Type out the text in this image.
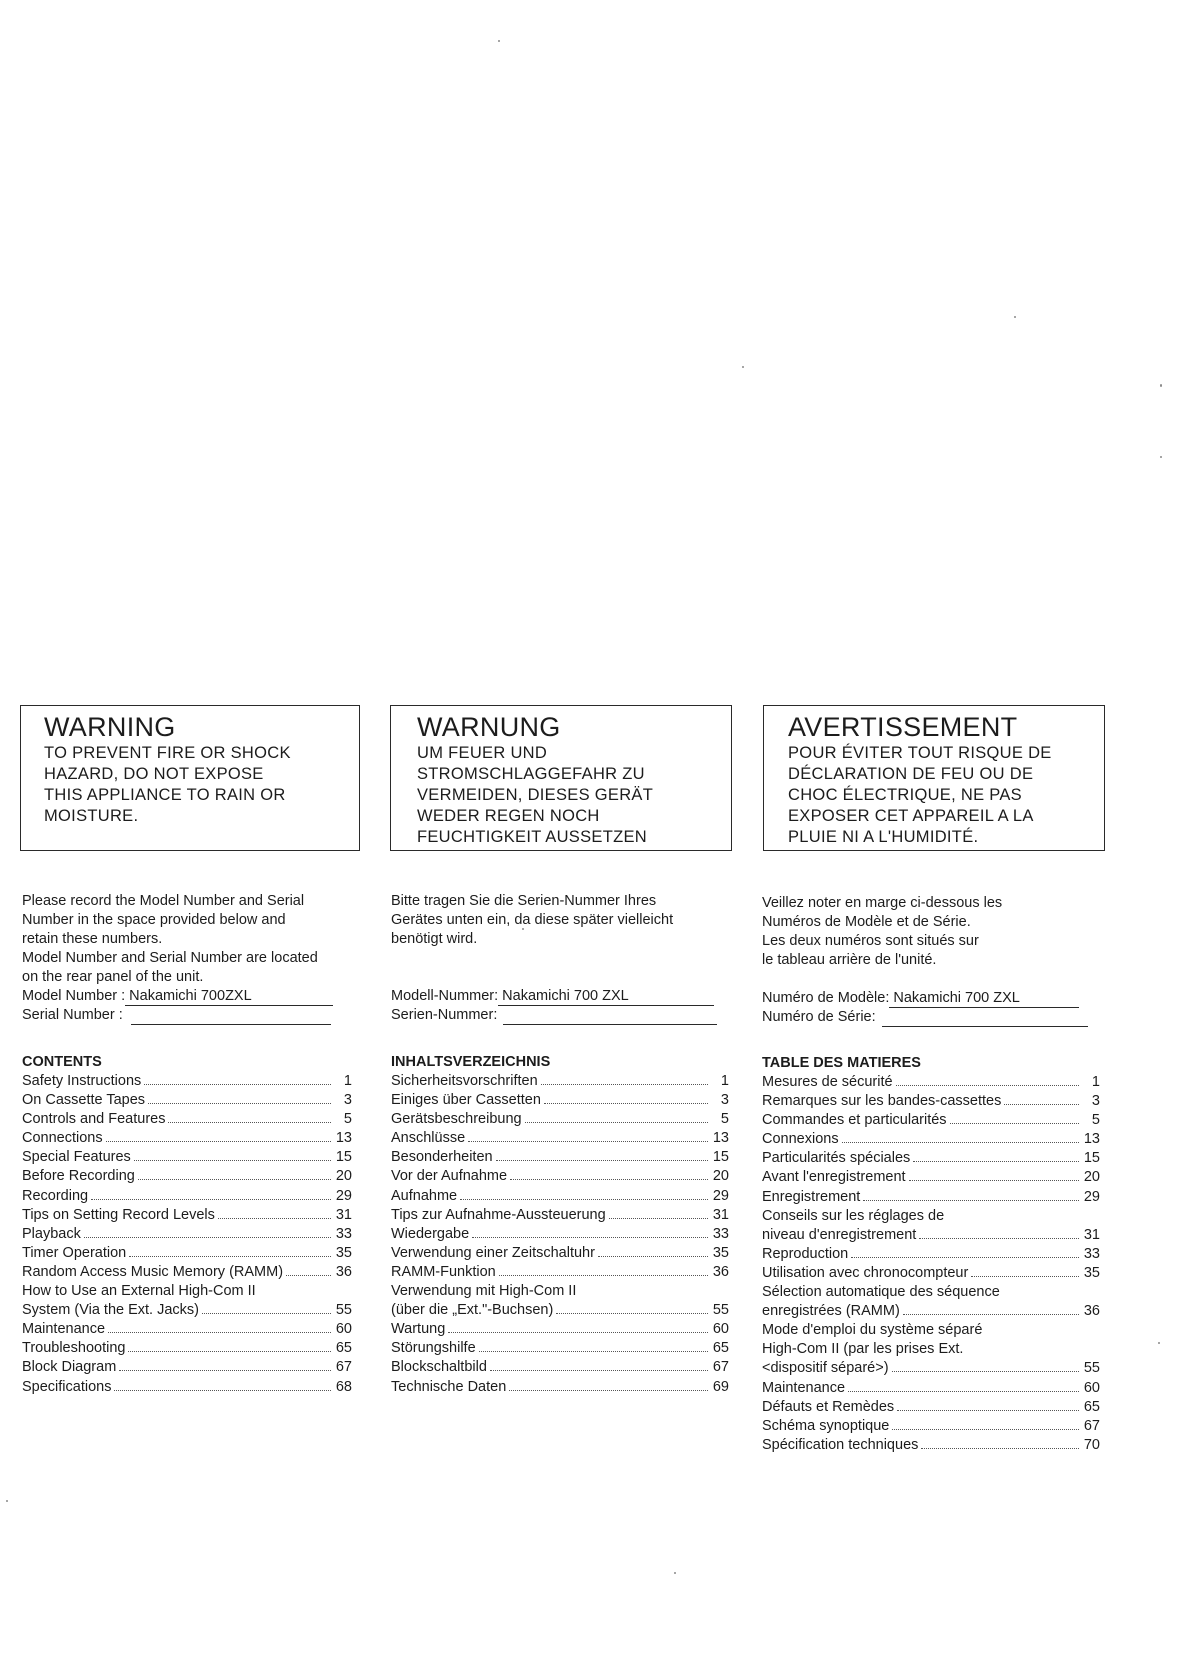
WARNING
TO PREVENT FIRE OR SHOCK
HAZARD, DO NOT EXPOSE
THIS APPLIANCE TO RAIN OR
MOISTURE.
WARNUNG
UM FEUER UND
STROMSCHLAGGEFAHR ZU
VERMEIDEN, DIESES GERÄT
WEDER REGEN NOCH
FEUCHTIGKEIT AUSSETZEN
AVERTISSEMENT
POUR ÉVITER TOUT RISQUE DE
DÉCLARATION DE FEU OU DE
CHOC ÉLECTRIQUE, NE PAS
EXPOSER CET APPAREIL A LA
PLUIE NI A L'HUMIDITÉ.
Please record the Model Number and Serial
Number in the space provided below and
retain these numbers.
Model Number and Serial Number are located
on the rear panel of the unit.
Model Number : Nakamichi 700ZXL
Serial Number :
Bitte tragen Sie die Serien-Nummer Ihres
Gerätes unten ein, da diese später vielleicht
benötigt wird.

Modell-Nummer: Nakamichi 700 ZXL
Serien-Nummer:
Veillez noter en marge ci-dessous les
Numéros de Modèle et de Série.
Les deux numéros sont situés sur
le tableau arrière de l'unité.

Numéro de Modèle: Nakamichi 700 ZXL
Numéro de Série:
CONTENTS
Safety Instructions	1
On Cassette Tapes	3
Controls and Features	5
Connections	13
Special Features	15
Before Recording	20
Recording	29
Tips on Setting Record Levels	31
Playback	33
Timer Operation	35
Random Access Music Memory (RAMM)	36
How to Use an External High-Com II
System (Via the Ext. Jacks)	55
Maintenance	60
Troubleshooting	65
Block Diagram	67
Specifications	68
INHALTSVERZEICHNIS
Sicherheitsvorschriften	1
Einiges über Cassetten	3
Gerätsbeschreibung	5
Anschlüsse	13
Besonderheiten	15
Vor der Aufnahme	20
Aufnahme	29
Tips zur Aufnahme-Aussteuerung	31
Wiedergabe	33
Verwendung einer Zeitschaltuhr	35
RAMM-Funktion	36
Verwendung mit High-Com II
(über die „Ext."-Buchsen)	55
Wartung	60
Störungshilfe	65
Blockschaltbild	67
Technische Daten	69
TABLE DES MATIERES
Mesures de sécurité	1
Remarques sur les bandes-cassettes	3
Commandes et particularités	5
Connexions	13
Particularités spéciales	15
Avant l'enregistrement	20
Enregistrement	29
Conseils sur les réglages de
niveau d'enregistrement	31
Reproduction	33
Utilisation avec chronocompteur	35
Sélection automatique des séquence
enregistrées (RAMM)	36
Mode d'emploi du système séparé
High-Com II (par les prises Ext.
<dispositif séparé>)	55
Maintenance	60
Défauts et Remèdes	65
Schéma synoptique	67
Spécification techniques	70
